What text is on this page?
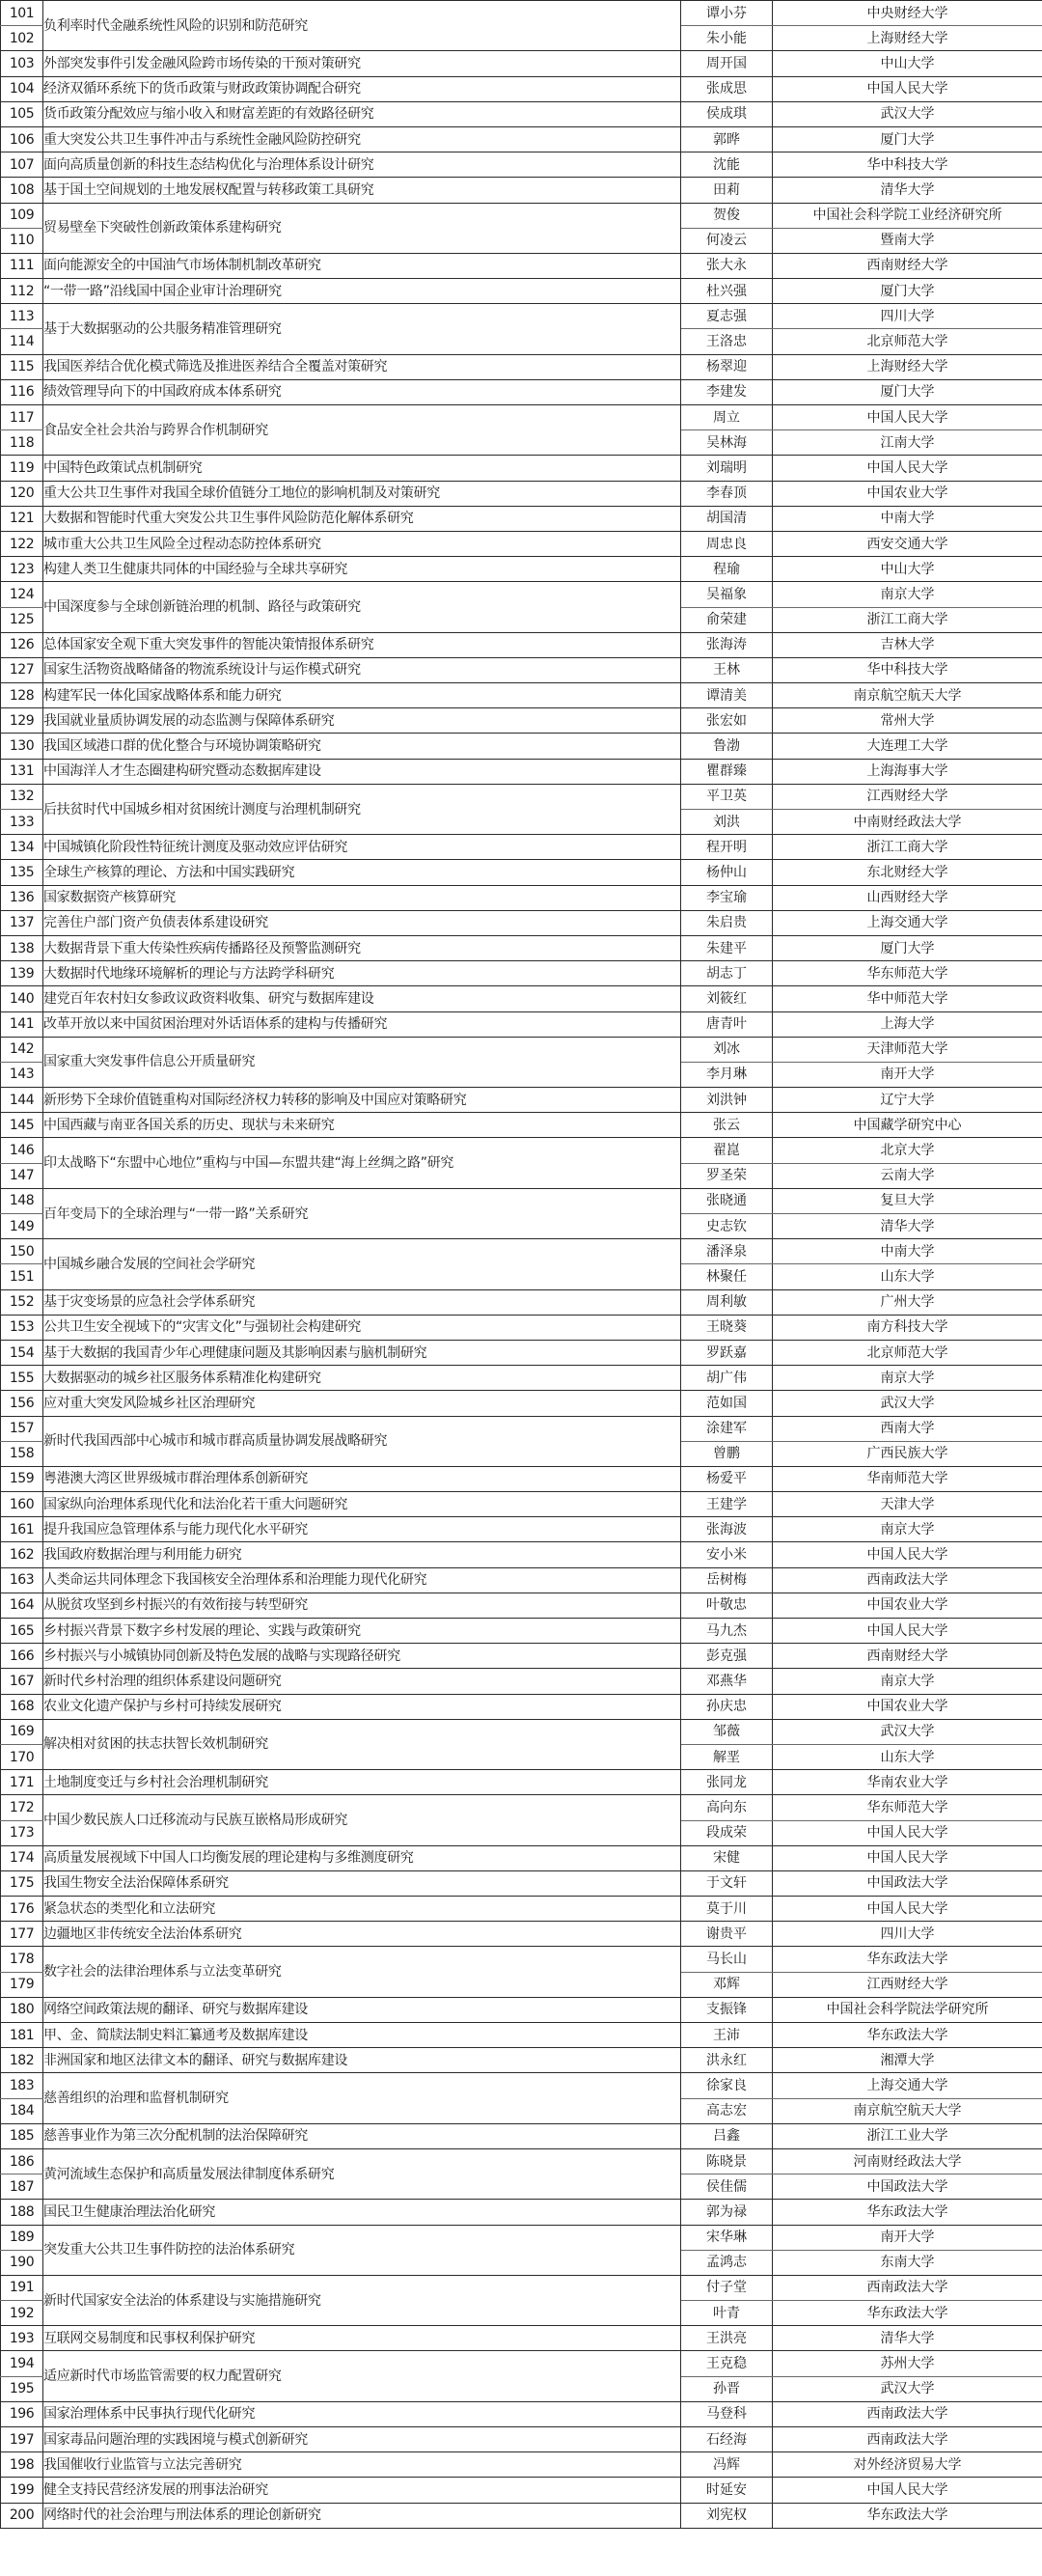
101	负利率时代金融系统性风险的识别和防范研究	谭小芬	中央财经大学
102		朱小能	上海财经大学
103	外部突发事件引发金融风险跨市场传染的干预对策研究	周开国	中山大学
104	经济双循环系统下的货币政策与财政政策协调配合研究	张成思	中国人民大学
105	货币政策分配效应与缩小收入和财富差距的有效路径研究	侯成琪	武汉大学
106	重大突发公共卫生事件冲击与系统性金融风险防控研究	郭晔	厦门大学
107	面向高质量创新的科技生态结构优化与治理体系设计研究	沈能	华中科技大学
108	基于国土空间规划的土地发展权配置与转移政策工具研究	田莉	清华大学
109	贸易壁垒下突破性创新政策体系建构研究	贺俊	中国社会科学院工业经济研究所
110		何凌云	暨南大学
111	面向能源安全的中国油气市场体制机制改革研究	张大永	西南财经大学
112	“一带一路”沿线国中国企业审计治理研究	杜兴强	厦门大学
113	基于大数据驱动的公共服务精准管理研究	夏志强	四川大学
114		王洛忠	北京师范大学
115	我国医养结合优化模式筛选及推进医养结合全覆盖对策研究	杨翠迎	上海财经大学
116	绩效管理导向下的中国政府成本体系研究	李建发	厦门大学
117	食品安全社会共治与跨界合作机制研究	周立	中国人民大学
118		吴林海	江南大学
119	中国特色政策试点机制研究	刘瑞明	中国人民大学
120	重大公共卫生事件对我国全球价值链分工地位的影响机制及对策研究	李春顶	中国农业大学
121	大数据和智能时代重大突发公共卫生事件风险防范化解体系研究	胡国清	中南大学
122	城市重大公共卫生风险全过程动态防控体系研究	周忠良	西安交通大学
123	构建人类卫生健康共同体的中国经验与全球共享研究	程瑜	中山大学
124	中国深度参与全球创新链治理的机制、路径与政策研究	吴福象	南京大学
125		俞荣建	浙江工商大学
126	总体国家安全观下重大突发事件的智能决策情报体系研究	张海涛	吉林大学
127	国家生活物资战略储备的物流系统设计与运作模式研究	王林	华中科技大学
128	构建军民一体化国家战略体系和能力研究	谭清美	南京航空航天大学
129	我国就业量质协调发展的动态监测与保障体系研究	张宏如	常州大学
130	我国区域港口群的优化整合与环境协调策略研究	鲁渤	大连理工大学
131	中国海洋人才生态圈建构研究暨动态数据库建设	瞿群臻	上海海事大学
132	后扶贫时代中国城乡相对贫困统计测度与治理机制研究	平卫英	江西财经大学
133		刘洪	中南财经政法大学
134	中国城镇化阶段性特征统计测度及驱动效应评估研究	程开明	浙江工商大学
135	全球生产核算的理论、方法和中国实践研究	杨仲山	东北财经大学
136	国家数据资产核算研究	李宝瑜	山西财经大学
137	完善住户部门资产负债表体系建设研究	朱启贵	上海交通大学
138	大数据背景下重大传染性疾病传播路径及预警监测研究	朱建平	厦门大学
139	大数据时代地缘环境解析的理论与方法跨学科研究	胡志丁	华东师范大学
140	建党百年农村妇女参政议政资料收集、研究与数据库建设	刘筱红	华中师范大学
141	改革开放以来中国贫困治理对外话语体系的建构与传播研究	唐青叶	上海大学
142	国家重大突发事件信息公开质量研究	刘冰	天津师范大学
143		李月琳	南开大学
144	新形势下全球价值链重构对国际经济权力转移的影响及中国应对策略研究	刘洪钟	辽宁大学
145	中国西藏与南亚各国关系的历史、现状与未来研究	张云	中国藏学研究中心
146	印太战略下“东盟中心地位”重构与中国—东盟共建“海上丝绸之路”研究	翟崑	北京大学
147		罗圣荣	云南大学
148	百年变局下的全球治理与“一带一路”关系研究	张晓通	复旦大学
149		史志钦	清华大学
150	中国城乡融合发展的空间社会学研究	潘泽泉	中南大学
151		林聚任	山东大学
152	基于灾变场景的应急社会学体系研究	周利敏	广州大学
153	公共卫生安全视域下的“灾害文化”与强韧社会构建研究	王晓葵	南方科技大学
154	基于大数据的我国青少年心理健康问题及其影响因素与脑机制研究	罗跃嘉	北京师范大学
155	大数据驱动的城乡社区服务体系精准化构建研究	胡广伟	南京大学
156	应对重大突发风险城乡社区治理研究	范如国	武汉大学
157	新时代我国西部中心城市和城市群高质量协调发展战略研究	涂建军	西南大学
158		曾鹏	广西民族大学
159	粤港澳大湾区世界级城市群治理体系创新研究	杨爱平	华南师范大学
160	国家纵向治理体系现代化和法治化若干重大问题研究	王建学	天津大学
161	提升我国应急管理体系与能力现代化水平研究	张海波	南京大学
162	我国政府数据治理与利用能力研究	安小米	中国人民大学
163	人类命运共同体理念下我国核安全治理体系和治理能力现代化研究	岳树梅	西南政法大学
164	从脱贫攻坚到乡村振兴的有效衔接与转型研究	叶敬忠	中国农业大学
165	乡村振兴背景下数字乡村发展的理论、实践与政策研究	马九杰	中国人民大学
166	乡村振兴与小城镇协同创新及特色发展的战略与实现路径研究	彭克强	西南财经大学
167	新时代乡村治理的组织体系建设问题研究	邓燕华	南京大学
168	农业文化遗产保护与乡村可持续发展研究	孙庆忠	中国农业大学
169	解决相对贫困的扶志扶智长效机制研究	邹薇	武汉大学
170		解垩	山东大学
171	土地制度变迁与乡村社会治理机制研究	张同龙	华南农业大学
172	中国少数民族人口迁移流动与民族互嵌格局形成研究	高向东	华东师范大学
173		段成荣	中国人民大学
174	高质量发展视域下中国人口均衡发展的理论建构与多维测度研究	宋健	中国人民大学
175	我国生物安全法治保障体系研究	于文轩	中国政法大学
176	紧急状态的类型化和立法研究	莫于川	中国人民大学
177	边疆地区非传统安全法治体系研究	谢贵平	四川大学
178	数字社会的法律治理体系与立法变革研究	马长山	华东政法大学
179		邓辉	江西财经大学
180	网络空间政策法规的翻译、研究与数据库建设	支振锋	中国社会科学院法学研究所
181	甲、金、简牍法制史料汇纂通考及数据库建设	王沛	华东政法大学
182	非洲国家和地区法律文本的翻译、研究与数据库建设	洪永红	湘潭大学
183	慈善组织的治理和监督机制研究	徐家良	上海交通大学
184		高志宏	南京航空航天大学
185	慈善事业作为第三次分配机制的法治保障研究	吕鑫	浙江工业大学
186	黄河流域生态保护和高质量发展法律制度体系研究	陈晓景	河南财经政法大学
187		侯佳儒	中国政法大学
188	国民卫生健康治理法治化研究	郭为禄	华东政法大学
189	突发重大公共卫生事件防控的法治体系研究	宋华琳	南开大学
190		孟鸿志	东南大学
191	新时代国家安全法治的体系建设与实施措施研究	付子堂	西南政法大学
192		叶青	华东政法大学
193	互联网交易制度和民事权利保护研究	王洪亮	清华大学
194	适应新时代市场监管需要的权力配置研究	王克稳	苏州大学
195		孙晋	武汉大学
196	国家治理体系中民事执行现代化研究	马登科	西南政法大学
197	国家毒品问题治理的实践困境与模式创新研究	石经海	西南政法大学
198	我国催收行业监管与立法完善研究	冯辉	对外经济贸易大学
199	健全支持民营经济发展的刑事法治研究	时延安	中国人民大学
200	网络时代的社会治理与刑法体系的理论创新研究	刘宪权	华东政法大学
